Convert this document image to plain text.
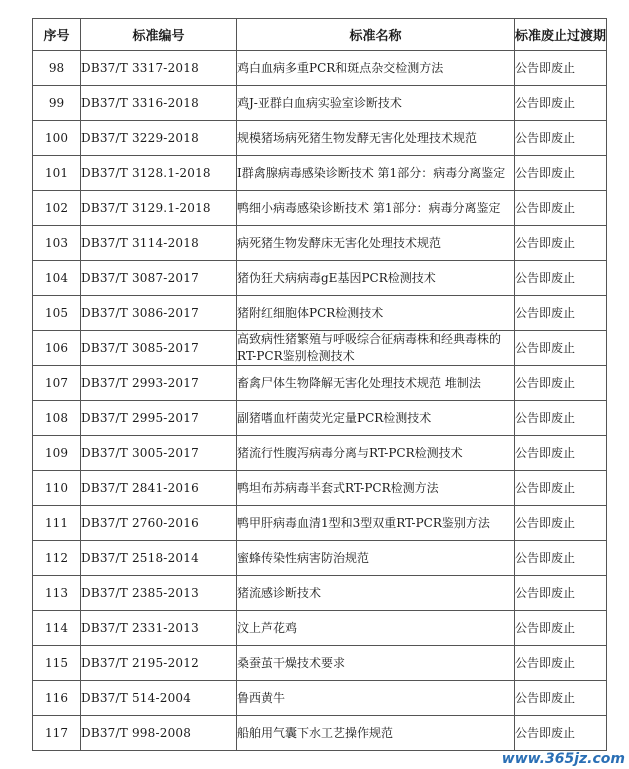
序号	标准编号	标准名称	标准废止过渡期
98	DB37/T 3317-2018	鸡白血病多重PCR和斑点杂交检测方法	公告即废止
99	DB37/T 3316-2018	鸡J-亚群白血病实验室诊断技术	公告即废止
100	DB37/T 3229-2018	规模猪场病死猪生物发酵无害化处理技术规范	公告即废止
101	DB37/T 3128.1-2018	I群禽腺病毒感染诊断技术 第1部分：病毒分离鉴定	公告即废止
102	DB37/T 3129.1-2018	鸭细小病毒感染诊断技术 第1部分：病毒分离鉴定	公告即废止
103	DB37/T 3114-2018	病死猪生物发酵床无害化处理技术规范	公告即废止
104	DB37/T 3087-2017	猪伪狂犬病病毒gE基因PCR检测技术	公告即废止
105	DB37/T 3086-2017	猪附红细胞体PCR检测技术	公告即废止
106	DB37/T 3085-2017	高致病性猪繁殖与呼吸综合征病毒株和经典毒株的RT-PCR鉴别检测技术	公告即废止
107	DB37/T 2993-2017	畜禽尸体生物降解无害化处理技术规范 堆制法	公告即废止
108	DB37/T 2995-2017	副猪嗜血杆菌荧光定量PCR检测技术	公告即废止
109	DB37/T 3005-2017	猪流行性腹泻病毒分离与RT-PCR检测技术	公告即废止
110	DB37/T 2841-2016	鸭坦布苏病毒半套式RT-PCR检测方法	公告即废止
111	DB37/T 2760-2016	鸭甲肝病毒血清1型和3型双重RT-PCR鉴别方法	公告即废止
112	DB37/T 2518-2014	蜜蜂传染性病害防治规范	公告即废止
113	DB37/T 2385-2013	猪流感诊断技术	公告即废止
114	DB37/T 2331-2013	汶上芦花鸡	公告即废止
115	DB37/T 2195-2012	桑蚕茧干燥技术要求	公告即废止
116	DB37/T 514-2004	鲁西黄牛	公告即废止
117	DB37/T 998-2008	船舶用气囊下水工艺操作规范	公告即废止
www.365jz.com
